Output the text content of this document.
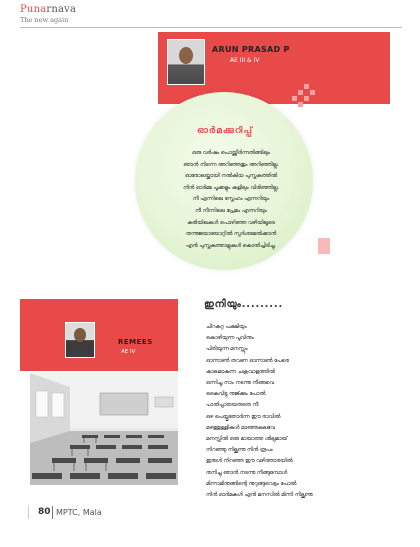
Punarnava
The new again
ARUN PRASAD P
AE III & IV
ഓർമക്കുറിപ്പ്
ഒരു വർഷം പൊയ്ത്തീർന്നതിങ്ങിലും
ഞാൻ നിന്നെ അറിഞ്ഞതും അറിഞ്ഞില്ല.
ഓരോലയ്ക്കായി നൽകിയ പുസ്തകത്തിൽ
നിൻ ഓർമ്മ പൂക്കളും കളിലും വിരിഞ്ഞില്ല.
നീ എന്നിലെ സ്നേഹം എന്നറിയും
നീ നീന്നിലെ പ്രേമം എന്നറിയും
കരിയിലകൾ പൊഴിഞ്ഞ വഴിയിലൂടെ
തന്നുജയായോറ്റിൽ സ്പർശമേൽക്കാൻ
എൻ പുസ്തകത്താളുകൾ കൊതിച്ചിടിച്ചു.
ഇനിയും.........
REMEES
AE IV
ചിറകറ്റ പക്ഷിയും
കൊഴിയുന്ന പൂവിനും
പിരിയുന്ന മനസ്സും
ഓന്നാൺ തവണ ഓന്നാൺ പേരെ
കാലമാകുന്ന ചക്രവാളത്തിൽ
ഒന്നിച്ചു നാം നടന്നു നീങ്ങവെ
കൈവിട്ടു നുജ്ക്കും പോൽ
പാതിപ്പാതയതതെ നീ
ഒഴ പെയ്തുതോർന്ന ഈ രാവിൽ
മഴത്തുള്ളികൾ മാഞ്ഞകലവേ
മനസ്സിൽ ഒരു മായാത്ത ശില്പമായ്
നിറഞ്ഞു നില്ക്കുന്നു നിൻ രൂപം
ഇരുൾ നിറഞ്ഞ ഈ വഴിത്താരയിൽ
തനിച്ചു ഞാൻ നടന്നു നീങ്ങുമ്പോൾ
മിന്നാമിനുങ്ങിന്റെ നുറുങ്ങുവെട്ടം പോൽ
നിൻ ഓർമകൾ എൻ മനസിൽ മിന്നി നില്ക്കുന്നു
80 MPTC, Mala
